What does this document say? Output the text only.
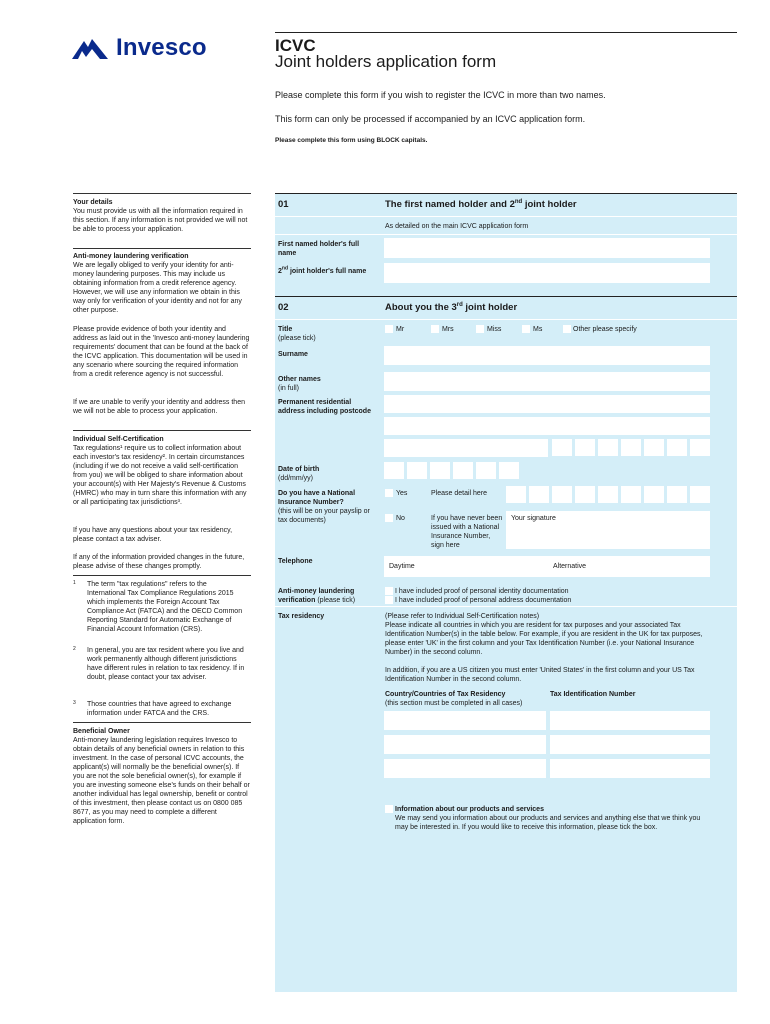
Invesco	ICVC
Joint holders application form
Please complete this form if you wish to register the ICVC in more than two names.
This form can only be processed if accompanied by an ICVC application form.
Please complete this form using BLOCK capitals.
Your details
You must provide us with all the information required in this section. If any information is not provided we will not be able to process your application.
Anti-money laundering verification
We are legally obliged to verify your identity for anti-money laundering purposes. This may include us obtaining information from a credit reference agency. However, we will use any information we obtain in this way only for verification of your identity and not for any other purpose.
Please provide evidence of both your identity and address as laid out in the 'Invesco anti-money laundering requirements' document that can be found at the back of the ICVC application. This documentation will be used in any scenario where sourcing the required information from a credit reference agency is not successful.
If we are unable to verify your identity and address then we will not be able to process your application.
Individual Self-Certification
Tax regulations¹ require us to collect information about each investor's tax residency². In certain circumstances (including if we do not receive a valid self-certification from you) we will be obliged to share information about your account(s) with Her Majesty's Revenue & Customs (HMRC) who may in turn share this information with any or all participating tax jurisdictions³.
If you have any questions about your tax residency, please contact a tax adviser.
If any of the information provided changes in the future, please advise of these changes promptly.
1 The term "tax regulations" refers to the International Tax Compliance Regulations 2015 which implements the Foreign Account Tax Compliance Act (FATCA) and the OECD Common Reporting Standard for Automatic Exchange of Financial Account Information (CRS).
2 In general, you are tax resident where you live and work permanently although different jurisdictions have different rules in relation to tax residency. If in doubt, please contact your tax adviser.
3 Those countries that have agreed to exchange information under FATCA and the CRS.
Beneficial Owner
Anti-money laundering legislation requires Invesco to obtain details of any beneficial owners in relation to this investment. In the case of personal ICVC accounts, the applicant(s) will normally be the beneficial owner(s). If you are not the sole beneficial owner(s), for example if you are investing someone else's funds on their behalf or another individual has legal ownership, benefit or control of this investment, then please contact us on 0800 085 8677, as you may need to complete a different application form.
01	The first named holder and 2nd joint holder
As detailed on the main ICVC application form
First named holder's full name
2nd joint holder's full name
02	About you the 3rd joint holder
Title
(please tick)
Mr	Mrs	Miss	Ms	Other please specify
Surname
Other names
(in full)
Permanent residential address including postcode
Date of birth
(dd/mm/yy)
Do you have a National Insurance Number?
(this will be on your payslip or tax documents)
Yes	Please detail here
No	If you have never been issued with a National Insurance Number, sign here
Your signature
Telephone
Daytime	Alternative
Anti-money laundering verification (please tick)
I have included proof of personal identity documentation
I have included proof of personal address documentation
Tax residency	(Please refer to Individual Self-Certification notes)
Please indicate all countries in which you are resident for tax purposes and your associated Tax Identification Number(s) in the table below. For example, if you are resident in the UK for tax purposes, please enter 'UK' in the first column and your Tax Identification Number (i.e. your National Insurance Number) in the second column.
In addition, if you are a US citizen you must enter 'United States' in the first column and your US Tax Identification Number in the second column.
Country/Countries of Tax Residency
(this section must be completed in all cases)
Tax Identification Number
Information about our products and services
We may send you information about our products and services and anything else that we think you may be interested in. If you would like to receive this information, please tick the box.
